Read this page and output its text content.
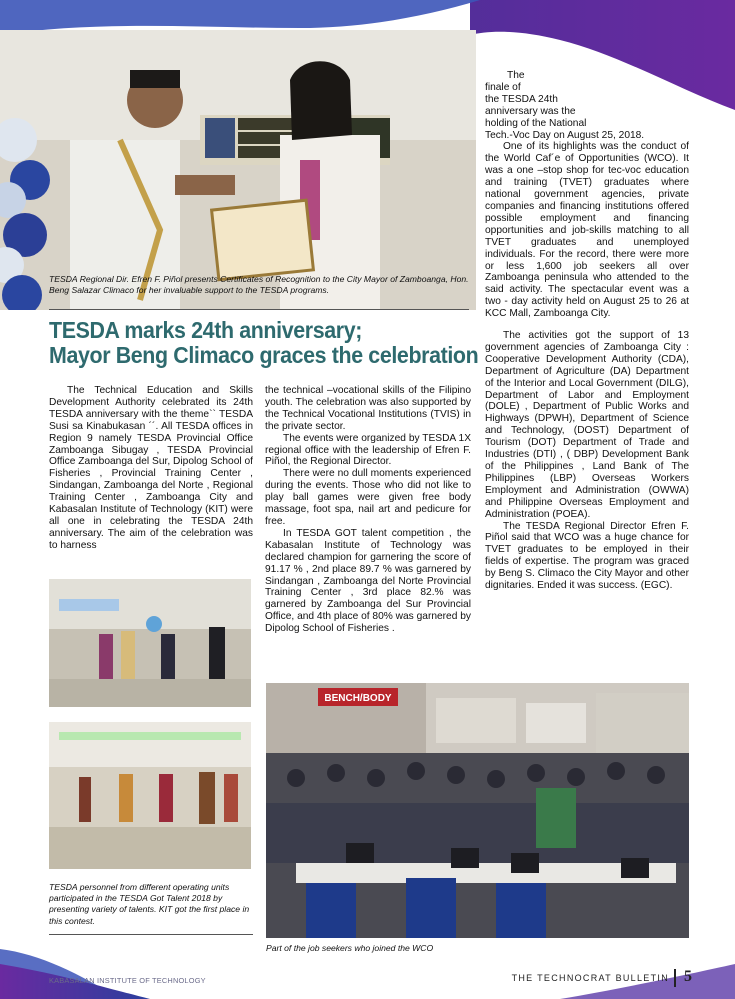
TESDA Regional Dir. Efren F. Piñol presents Certificates of Recognition to the City Mayor of Zamboanga, Hon. Beng Salazar Climaco for her invaluable support to the TESDA programs.
TESDA marks 24th anniversary;
Mayor Beng Climaco graces the celebration

The Technical Education and Skills Development Authority celebrated its 24th TESDA anniversary with the theme`` TESDA Susi sa Kinabukasan ´´. All TESDA offices in Region 9 namely TESDA Provincial Office Zamboanga Sibugay , TESDA Provincial Office Zamboanga del Sur, Dipolog School of Fisheries , Provincial Training Center , Sindangan, Zamboanga del Norte , Regional Training Center , Zamboanga City and Kabasalan Institute of Technology (KIT) were all one in celebrating the TESDA 24th anniversary. The aim of the celebration was to harness

the technical –vocational skills of the Filipino youth. The celebration was also supported by the Technical Vocational Institutions (TVIS) in the private sector.

The events were organized by TESDA 1X regional office with the leadership of Efren F. Piñol, the Regional Director.

There were no dull moments experienced during the events. Those who did not like to play ball games were given free body massage, foot spa, nail art and pedicure for free.

In TESDA GOT talent competition , the Kabasalan Institute of Technology was declared champion for garnering the score of 91.17 % , 2nd place 89.7 % was garnered by Sindangan , Zamboanga del Norte Provincial Training Center , 3rd place 82.% was garnered by Zamboanga del Sur Provincial Office, and 4th place of 80% was garnered by Dipolog School of Fisheries .

The
finale of
the TESDA 24th
anniversary was the
holding of the National
Tech.-Voc Day on August 25, 2018.

One of its highlights was the conduct of the World Caf´e of Opportunities (WCO). It was a one –stop shop for tec-voc education and training (TVET) graduates where national government agencies, private companies and financing institutions offered possible employment and financing opportunities and job-skills matching to all TVET graduates and unemployed individuals. For the record, there were more or less 1,600 job seekers all over Zamboanga peninsula who attended to the said activity. The spectacular event was a two - day activity held on August 25 to 26 at KCC Mall, Zamboanga City.

The activities got the support of 13 government agencies of Zamboanga City : Cooperative Development Authority (CDA), Department of Agriculture (DA) Department of the Interior and Local Government (DILG), Department of Labor and Employment (DOLE) , Department of Public Works and Highways (DPWH), Department of Science and Technology, (DOST) Department of Tourism (DOT) Department of Trade and Industries (DTI) , ( DBP) Development Bank of the Philippines , Land Bank of The Philippines (LBP) Overseas Workers Employment and Administration (OWWA) and Philippine Overseas Employment and Administration (POEA).

The TESDA Regional Director Efren F. Piñol said that WCO was a huge chance for TVET graduates to be employed in their fields of expertise. The program was graced by Beng S. Climaco the City Mayor and other dignitaries. Ended it was success. (EGC).

TESDA personnel from different operating units participated in the TESDA Got Talent 2018 by presenting variety of talents. KIT got the first place in this contest.
BENCH/BODY
Part of the job seekers who joined the WCO
KABASALAN INSTITUTE OF TECHNOLOGY	THE TECHNOCRAT BULLETIN 5
